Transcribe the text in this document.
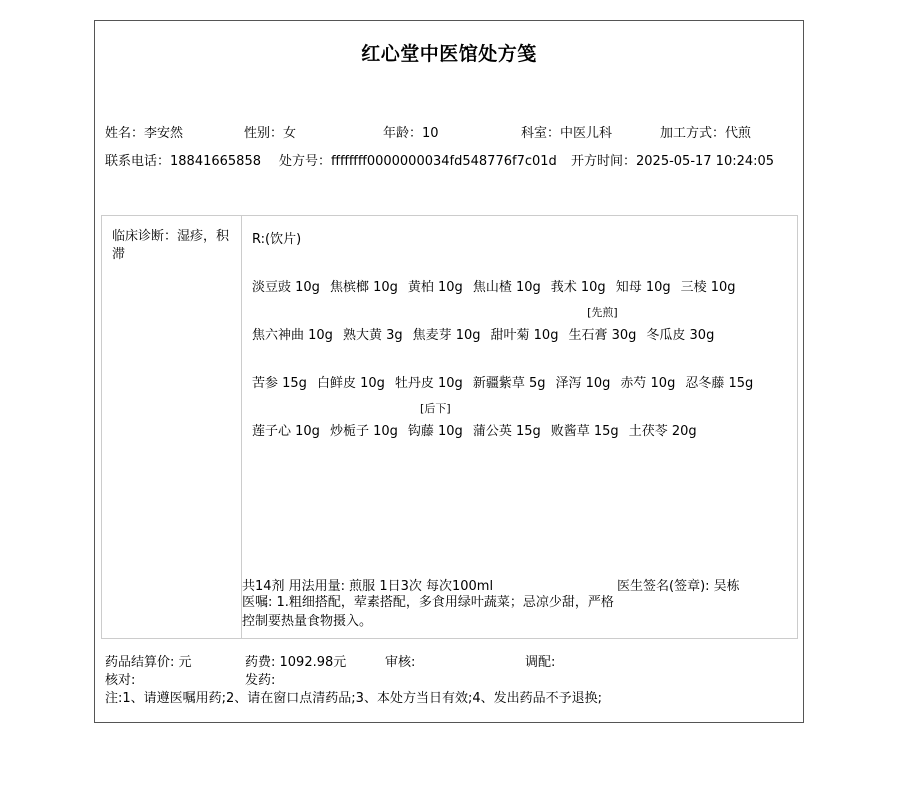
红心堂中医馆处方笺
姓名：李安然	性别：女	年龄：10	科室：中医儿科	加工方式：代煎
联系电话：18841665858 处方号：ffffffff0000000034fd548776f7c01d 开方时间：2025-05-17 10:24:05
临床诊断：湿疹，积滞
R:(饮片)
淡豆豉 10g 焦槟榔 10g 黄柏 10g 焦山楂 10g 莪术 10g 知母 10g 三棱 10g
焦六神曲 10g 熟大黄 3g 焦麦芽 10g 甜叶菊 10g 生石膏 30g
[先煎]
冬瓜皮 30g
苦参 15g 白鲜皮 10g 牡丹皮 10g 新疆紫草 5g 泽泻 10g 赤芍 10g 忍冬藤 15g
莲子心 10g 炒栀子 10g 钩藤 10g
[后下]
蒲公英 15g 败酱草 15g 土茯苓 20g
共14剂 用法用量: 煎服 1日3次 每次100ml	医生签名(签章): 吴栋
医嘱: 1.粗细搭配，荤素搭配，多食用绿叶蔬菜；忌凉少甜，严格控制要热量食物摄入。
药品结算价: 元	药费: 1092.98元	审核:	调配:
核对:	发药:
注:1、请遵医嘱用药;2、请在窗口点清药品;3、本处方当日有效;4、发出药品不予退换;
